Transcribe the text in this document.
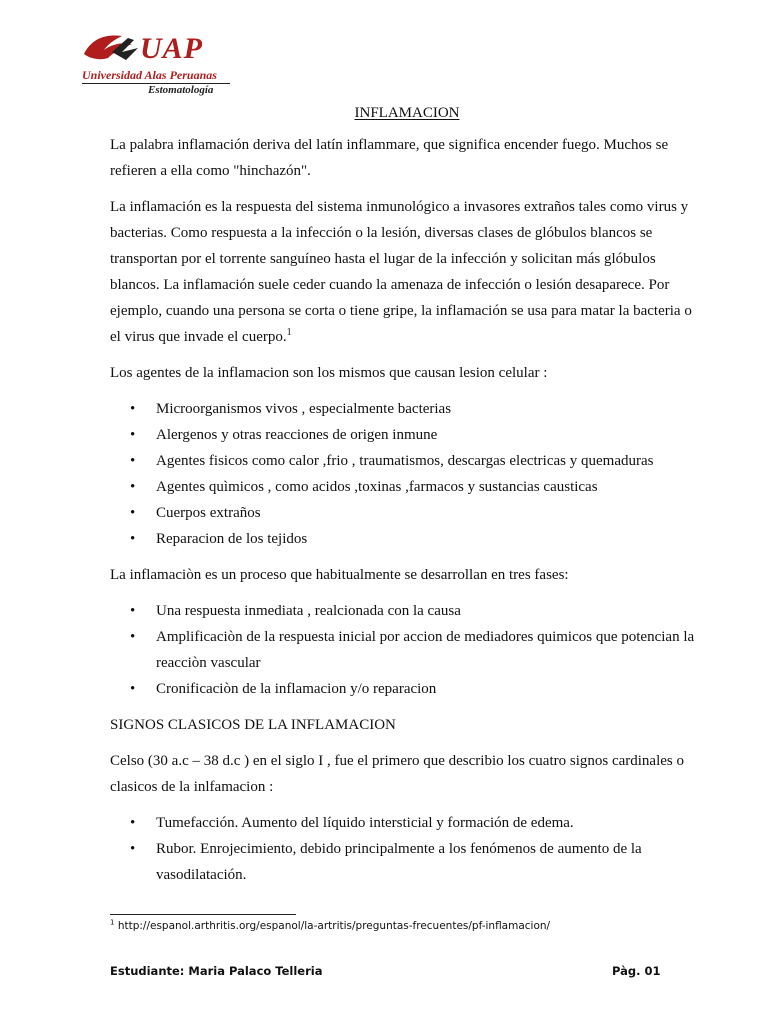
UAP
Universidad Alas Peruanas
Estomatología
INFLAMACION
La palabra inflamación deriva del latín inflammare, que significa encender fuego. Muchos se refieren a ella como "hinchazón".
La inflamación es la respuesta del sistema inmunológico a invasores extraños tales como virus y bacterias. Como respuesta a la infección o la lesión, diversas clases de glóbulos blancos se transportan por el torrente sanguíneo hasta el lugar de la infección y solicitan más glóbulos blancos. La inflamación suele ceder cuando la amenaza de infección o lesión desaparece. Por ejemplo, cuando una persona se corta o tiene gripe, la inflamación se usa para matar la bacteria o el virus que invade el cuerpo.$^1$
Los agentes de la inflamacion son los mismos que causan lesion celular :
• Microorganismos vivos , especialmente bacterias
• Alergenos y otras reacciones de origen inmune
• Agentes fisicos como calor ,frio , traumatismos, descargas electricas y quemaduras
• Agentes quìmicos , como acidos ,toxinas ,farmacos y sustancias causticas
• Cuerpos extraños
• Reparacion de los tejidos
La inflamaciòn es un proceso que habitualmente se desarrollan en tres fases:
• Una respuesta inmediata , realcionada con la causa
• Amplificaciòn de la respuesta inicial por accion de mediadores quimicos que potencian la reacciòn vascular
• Cronificaciòn de la inflamacion y/o reparacion
SIGNOS CLASICOS DE LA INFLAMACION
Celso (30 a.c – 38 d.c ) en el siglo I , fue el primero que describio los cuatro signos cardinales o clasicos de la inlfamacion :
• Tumefacción. Aumento del líquido intersticial y formación de edema.
• Rubor. Enrojecimiento, debido principalmente a los fenómenos de aumento de la vasodilatación.
$^1$ http://espanol.arthritis.org/espanol/la-artritis/preguntas-frecuentes/pf-inflamacion/
Estudiante: Maria Palaco Telleria	Pàg. 01
